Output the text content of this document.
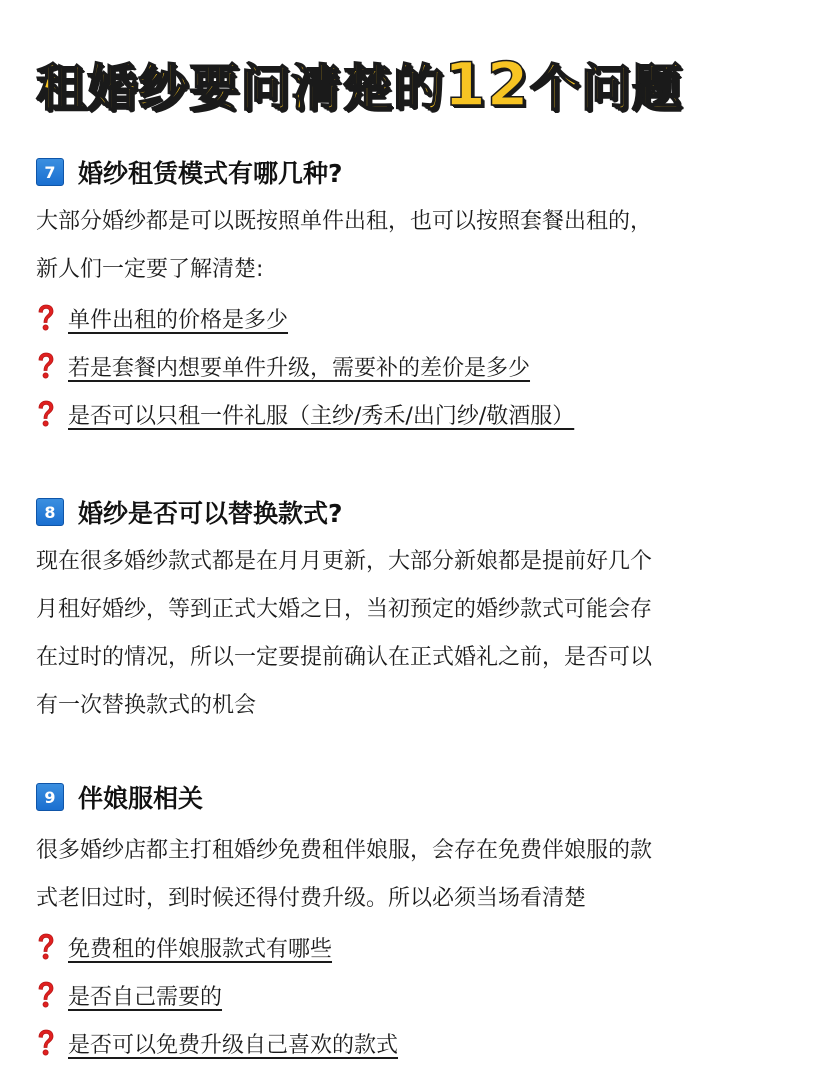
租婚纱要问清楚的12个问题
7 婚纱租赁模式有哪几种?
大部分婚纱都是可以既按照单件出租，也可以按照套餐出租的，
新人们一定要了解清楚:
单件出租的价格是多少
若是套餐内想要单件升级，需要补的差价是多少
是否可以只租一件礼服（主纱/秀禾/出门纱/敬酒服）
8 婚纱是否可以替换款式?
现在很多婚纱款式都是在月月更新，大部分新娘都是提前好几个
月租好婚纱，等到正式大婚之日，当初预定的婚纱款式可能会存
在过时的情况，所以一定要提前确认在正式婚礼之前，是否可以
有一次替换款式的机会
9 伴娘服相关
很多婚纱店都主打租婚纱免费租伴娘服，会存在免费伴娘服的款
式老旧过时，到时候还得付费升级。所以必须当场看清楚
免费租的伴娘服款式有哪些
是否自己需要的
是否可以免费升级自己喜欢的款式
